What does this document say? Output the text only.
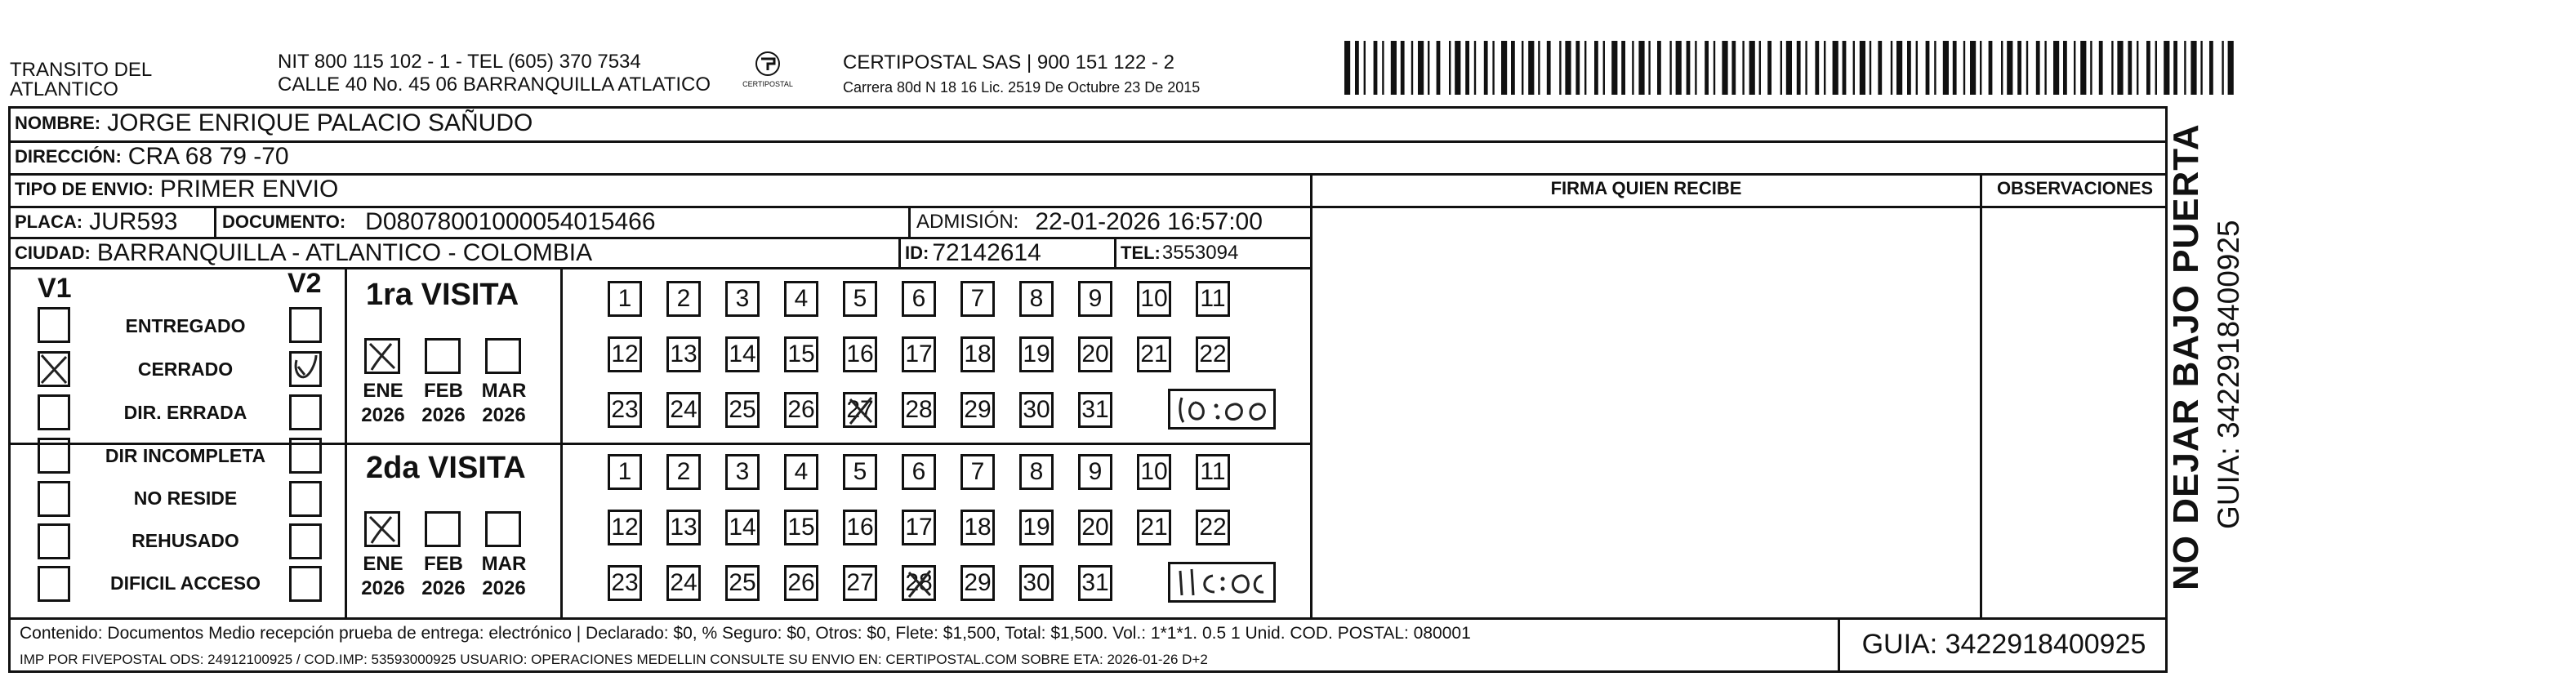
TRANSITO DEL
ATLANTICO
NIT 800 115 102 - 1 - TEL (605) 370 7534
CALLE 40 No. 45 06 BARRANQUILLA ATLATICO	CERTIPOSTAL
CERTIPOSTAL SAS | 900 151 122 - 2
Carrera 80d N 18 16 Lic. 2519 De Octubre 23 De 2015
NOMBRE: JORGE ENRIQUE PALACIO SAÑUDO
DIRECCIÓN: CRA 68 79 -70
TIPO DE ENVIO: PRIMER ENVIO	FIRMA QUIEN RECIBE	OBSERVACIONES
PLACA: JUR593 DOCUMENTO: D08078001000054015466	ADMISIÓN: 22-01-2026 16:57:00
CIUDAD: BARRANQUILLA - ATLANTICO - COLOMBIA	ID: 72142614	TEL: 3553094
V1	V2
ENTREGADO
CERRADO
DIR. ERRADA
DIR INCOMPLETA
NO RESIDE
REHUSADO
DIFICIL ACCESO
1ra VISITA
2da VISITA
ENE
2026
FEB
2026
MAR
2026
ENE
2026
FEB
2026
MAR
2026
1 2 3 4 5 6 7 8 9 10 11
12 13 14 15 16 17 18 19 20 21 22
23 24 25 26 27 28 29 30 31
1 2 3 4 5 6 7 8 9 10 11
12 13 14 15 16 17 18 19 20 21 22
23 24 25 26 27 28 29 30 31
Contenido: Documentos Medio recepción prueba de entrega: electrónico | Declarado: $0, % Seguro: $0, Otros: $0, Flete: $1,500, Total: $1,500. Vol.: 1*1*1. 0.5 1 Unid. COD. POSTAL: 080001
IMP POR FIVEPOSTAL ODS: 24912100925 / COD.IMP: 53593000925 USUARIO: OPERACIONES MEDELLIN CONSULTE SU ENVIO EN: CERTIPOSTAL.COM SOBRE ETA: 2026-01-26 D+2	GUIA: 3422918400925
NO DEJAR BAJO PUERTA GUIA: 3422918400925
